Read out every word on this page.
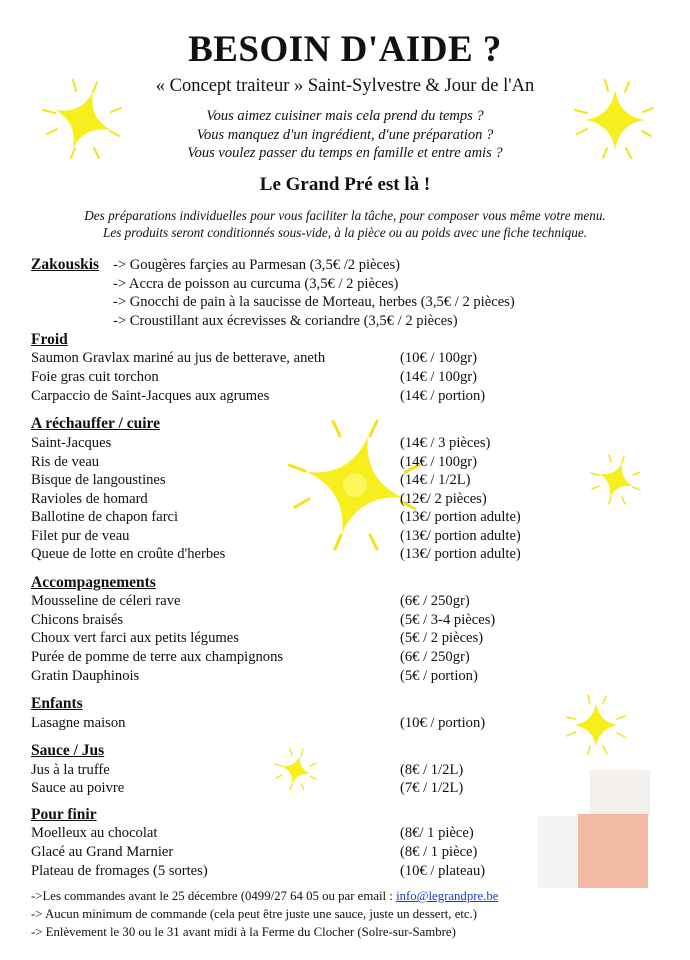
BESOIN D'AIDE ?
« Concept traiteur » Saint-Sylvestre & Jour de l'An
Vous aimez cuisiner mais cela prend du temps ?
Vous manquez d'un ingrédient, d'une préparation ?
Vous voulez passer du temps en famille et entre amis ?
Le Grand Pré est là !
Des préparations individuelles pour vous faciliter la tâche, pour composer vous même votre menu.
Les produits seront conditionnés sous-vide, à la pièce ou au poids avec une fiche technique.
Zakouskis -> Gougères farçies au Parmesan (3,5€ /2 pièces)
-> Accra de poisson au curcuma (3,5€ / 2 pièces)
-> Gnocchi de pain à la saucisse de Morteau, herbes (3,5€ / 2 pièces)
-> Croustillant aux écrevisses & coriandre (3,5€ / 2 pièces)
Froid
Saumon Gravlax mariné au jus de betterave, aneth	(10€ / 100gr)
Foie gras cuit torchon	(14€ / 100gr)
Carpaccio de Saint-Jacques aux agrumes	(14€ / portion)
A réchauffer / cuire
Saint-Jacques	(14€ / 3 pièces)
Ris de veau	(14€ / 100gr)
Bisque de langoustines	(14€ / 1/2L)
Ravioles de homard	(12€/ 2 pièces)
Ballotine de chapon farci	(13€/ portion adulte)
Filet pur de veau	(13€/ portion adulte)
Queue de lotte en croûte d'herbes	(13€/ portion adulte)
Accompagnements
Mousseline de céleri rave	(6€ / 250gr)
Chicons braisés	(5€ / 3-4 pièces)
Choux vert farci aux petits légumes	(5€ / 2 pièces)
Purée de pomme de terre aux champignons	(6€ / 250gr)
Gratin Dauphinois	(5€ / portion)
Enfants
Lasagne maison	(10€ / portion)
Sauce / Jus
Jus à la truffe	(8€ / 1/2L)
Sauce au poivre	(7€ / 1/2L)
Pour finir
Moelleux au chocolat	(8€/ 1 pièce)
Glacé au Grand Marnier	(8€ / 1 pièce)
Plateau de fromages (5 sortes)	(10€ / plateau)
->Les commandes avant le 25 décembre (0499/27 64 05 ou par email : info@legrandpre.be
-> Aucun minimum de commande (cela peut être juste une sauce, juste un dessert, etc.)
-> Enlèvement le 30 ou le 31 avant midi à la Ferme du Clocher (Solre-sur-Sambre)
